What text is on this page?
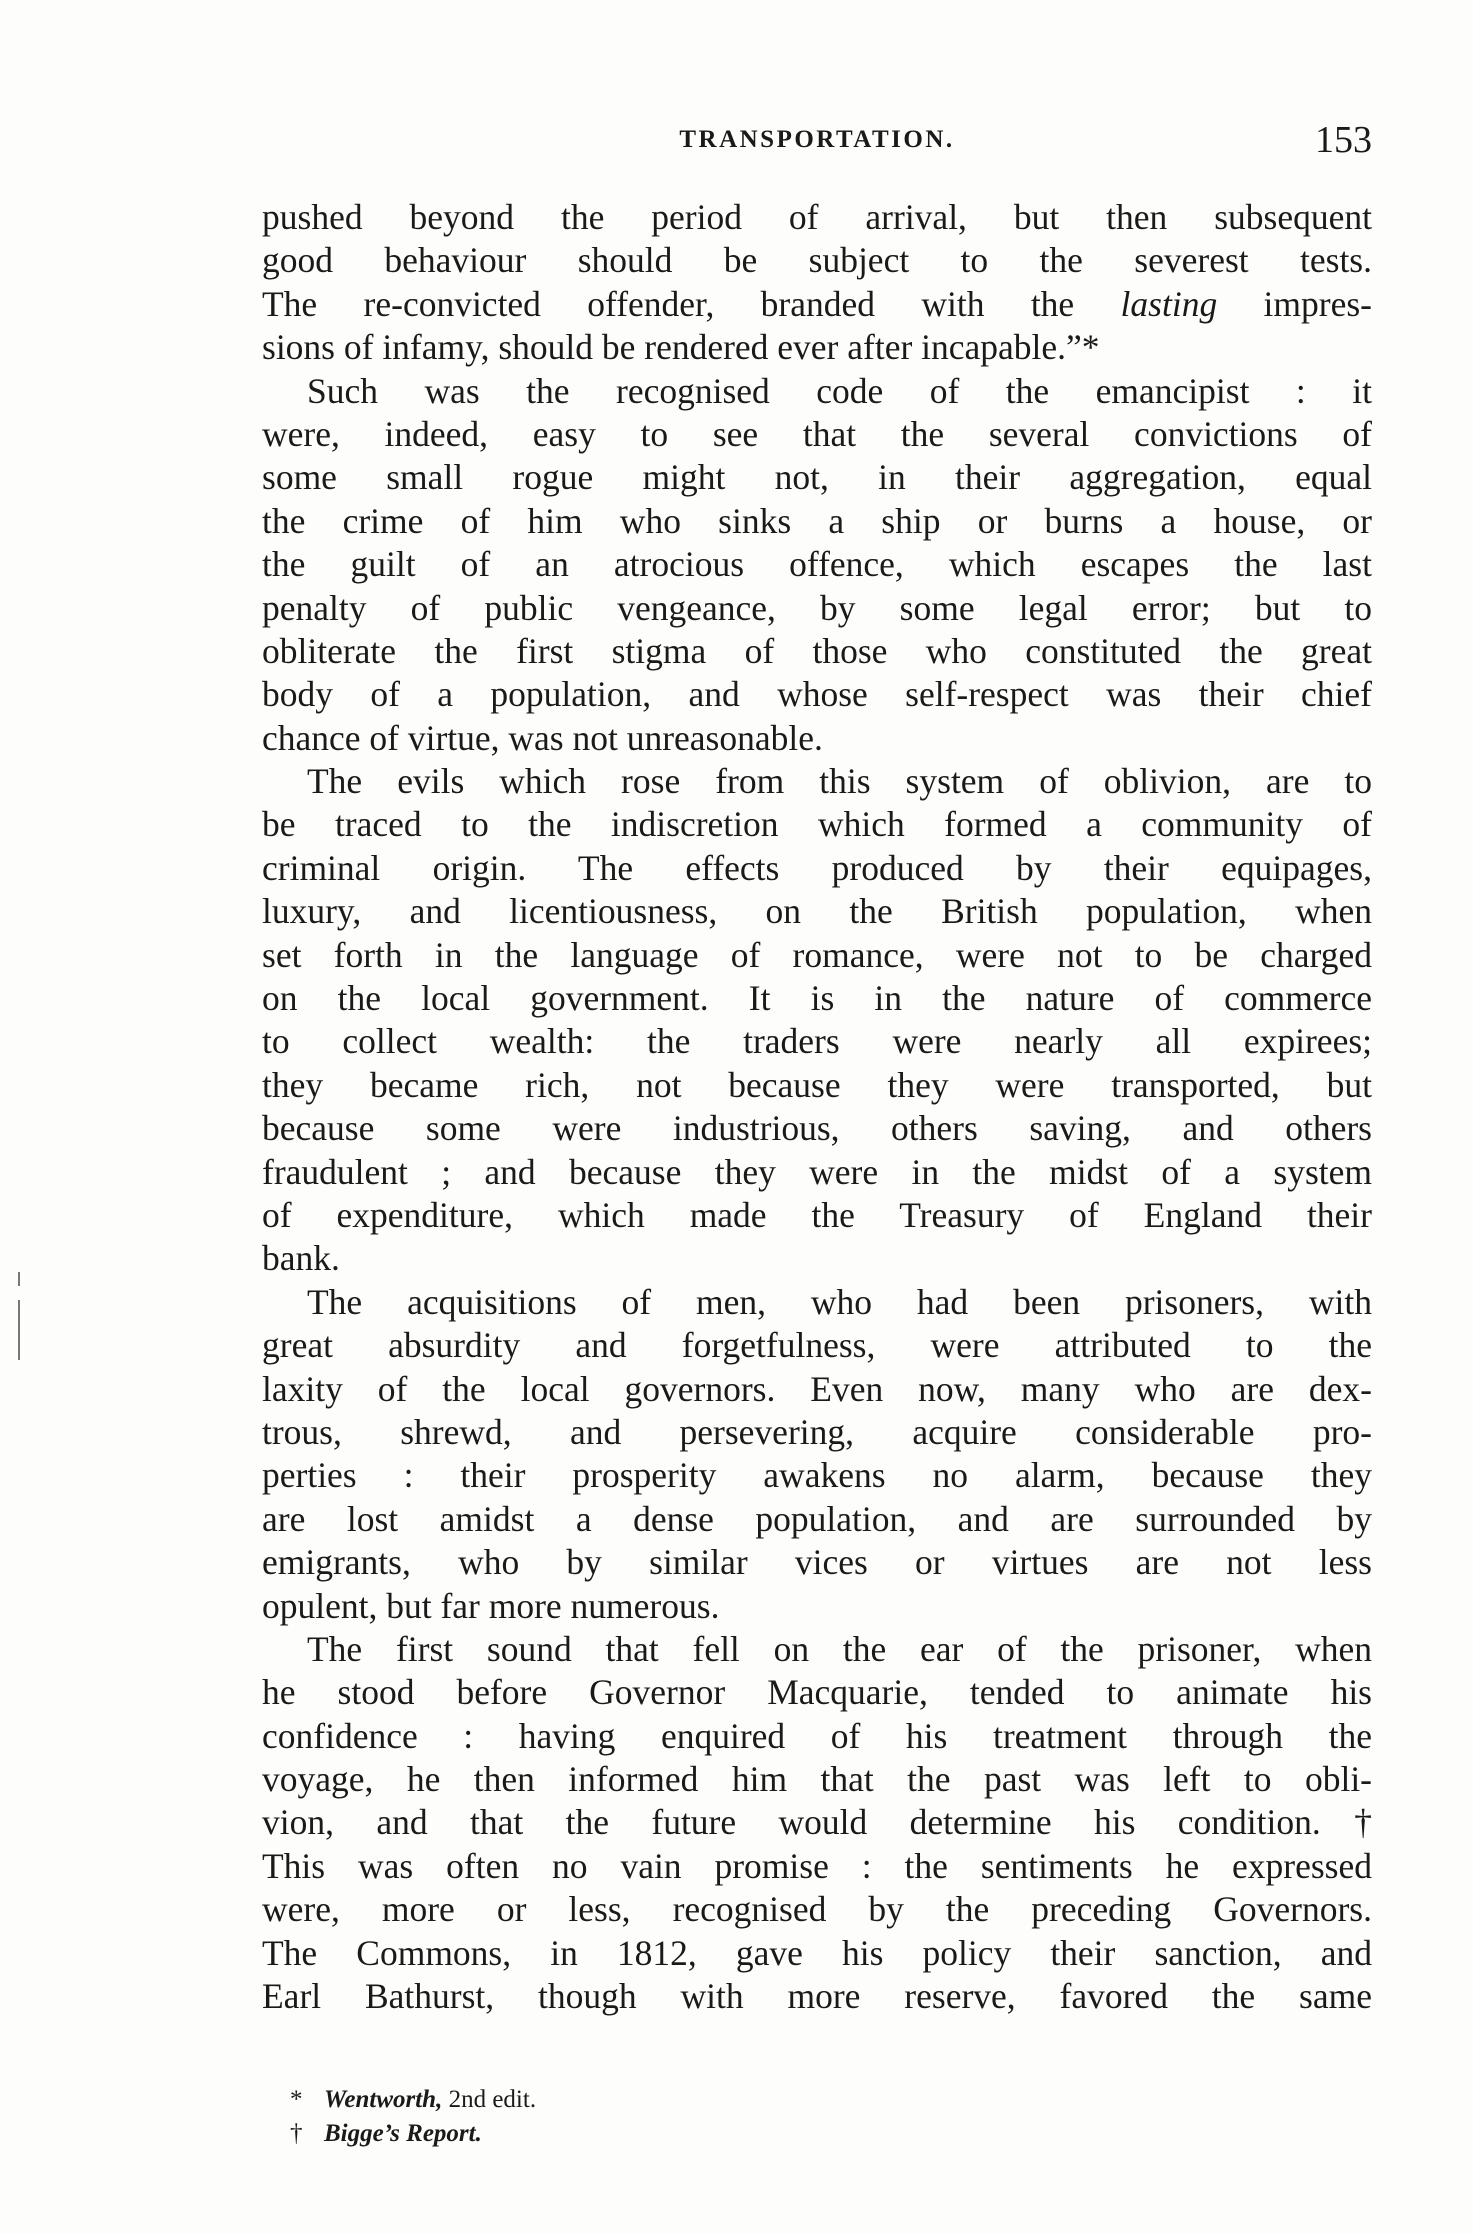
TRANSPORTATION.	153
pushed beyond the period of arrival, but then subsequent
good behaviour should be subject to the severest tests.
The re-convicted offender, branded with the lasting impres-
sions of infamy, should be rendered ever after incapable.”*
Such was the recognised code of the emancipist : it
were, indeed, easy to see that the several convictions of
some small rogue might not, in their aggregation, equal
the crime of him who sinks a ship or burns a house, or
the guilt of an atrocious offence, which escapes the last
penalty of public vengeance, by some legal error; but to
obliterate the first stigma of those who constituted the great
body of a population, and whose self-respect was their chief
chance of virtue, was not unreasonable.
The evils which rose from this system of oblivion, are to
be traced to the indiscretion which formed a community of
criminal origin. The effects produced by their equipages,
luxury, and licentiousness, on the British population, when
set forth in the language of romance, were not to be charged
on the local government. It is in the nature of commerce
to collect wealth: the traders were nearly all expirees;
they became rich, not because they were transported, but
because some were industrious, others saving, and others
fraudulent ; and because they were in the midst of a system
of expenditure, which made the Treasury of England their
bank.
The acquisitions of men, who had been prisoners, with
great absurdity and forgetfulness, were attributed to the
laxity of the local governors. Even now, many who are dex-
trous, shrewd, and persevering, acquire considerable pro-
perties : their prosperity awakens no alarm, because they
are lost amidst a dense population, and are surrounded by
emigrants, who by similar vices or virtues are not less
opulent, but far more numerous.
The first sound that fell on the ear of the prisoner, when
he stood before Governor Macquarie, tended to animate his
confidence : having enquired of his treatment through the
voyage, he then informed him that the past was left to obli-
vion, and that the future would determine his condition.†
This was often no vain promise : the sentiments he expressed
were, more or less, recognised by the preceding Governors.
The Commons, in 1812, gave his policy their sanction, and
Earl Bathurst, though with more reserve, favored the same
* Wentworth, 2nd edit.
† Bigge’s Report.
